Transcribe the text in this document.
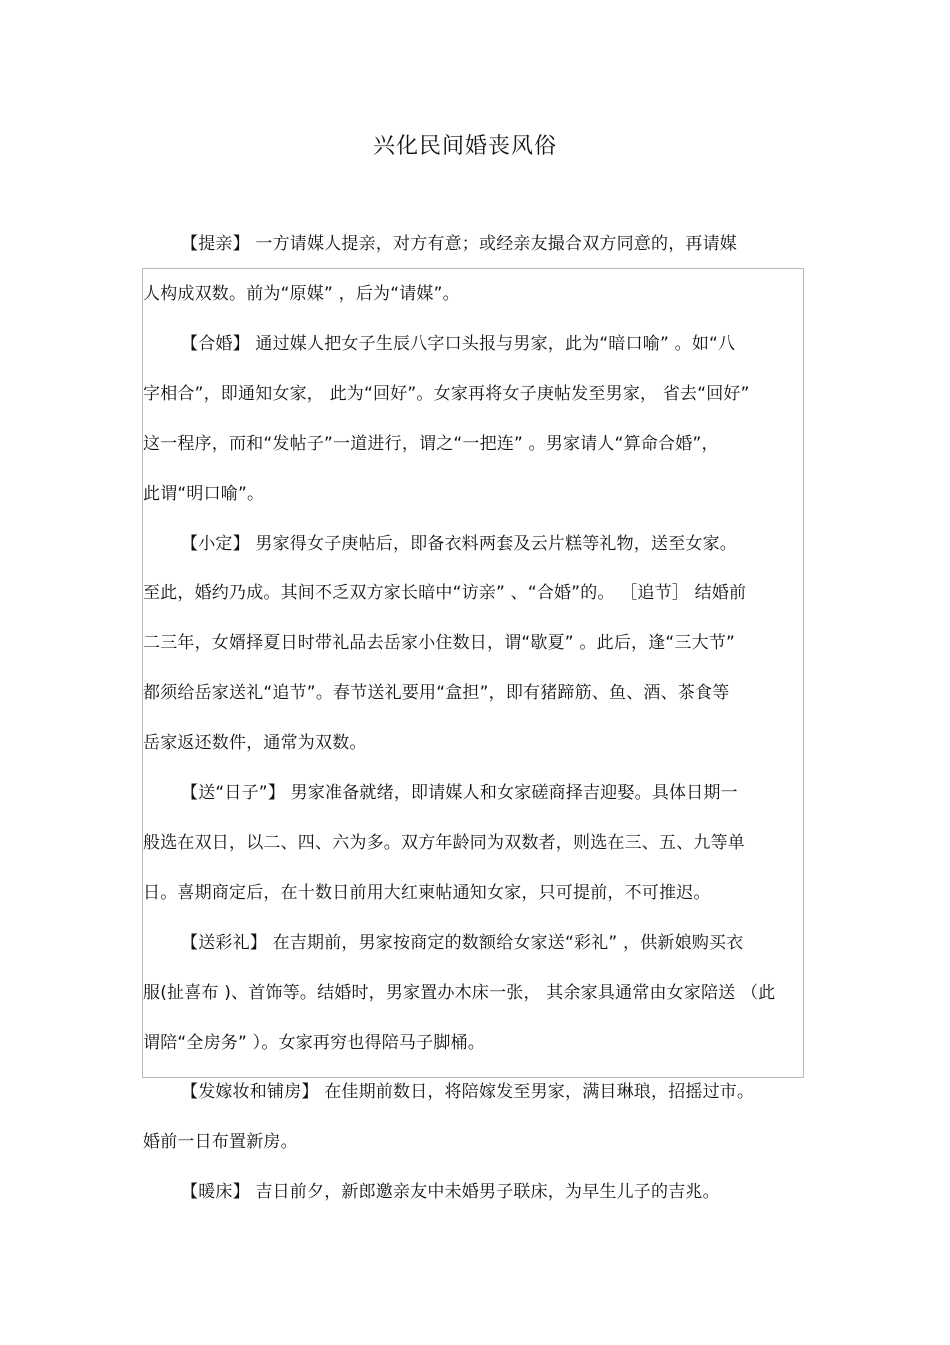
兴化民间婚丧风俗
【提亲】 一方请媒人提亲，对方有意；或经亲友撮合双方同意的，再请媒
人构成双数。前为“原媒” ，后为“请媒”。
【合婚】 通过媒人把女子生辰八字口头报与男家，此为“暗口喻” 。如“八
字相合”，即通知女家， 此为“回好”。女家再将女子庚帖发至男家， 省去“回好”
这一程序，而和“发帖子”一道进行，谓之“一把连” 。男家请人“算命合婚”，
此谓“明口喻”。
【小定】 男家得女子庚帖后，即备衣料两套及云片糕等礼物，送至女家。
至此，婚约乃成。其间不乏双方家长暗中“访亲” 、“合婚”的。 ［追节］ 结婚前
二三年，女婿择夏日时带礼品去岳家小住数日，谓“歇夏” 。此后，逢“三大节”
都须给岳家送礼“追节”。春节送礼要用“盒担”，即有猪蹄筋、鱼、酒、茶食等
岳家返还数件，通常为双数。
【送“日子”】 男家准备就绪，即请媒人和女家磋商择吉迎娶。具体日期一
般选在双日，以二、四、六为多。双方年龄同为双数者，则选在三、五、九等单
日。喜期商定后，在十数日前用大红柬帖通知女家，只可提前，不可推迟。
【送彩礼】 在吉期前，男家按商定的数额给女家送“彩礼” ，供新娘购买衣
服(扯喜布 )、首饰等。结婚时，男家置办木床一张， 其余家具通常由女家陪送 （此
谓陪“全房务” ）。女家再穷也得陪马子脚桶。
【发嫁妆和铺房】 在佳期前数日，将陪嫁发至男家，满目琳琅，招摇过市。
婚前一日布置新房。
【暖床】 吉日前夕，新郎邀亲友中未婚男子联床，为早生儿子的吉兆。
